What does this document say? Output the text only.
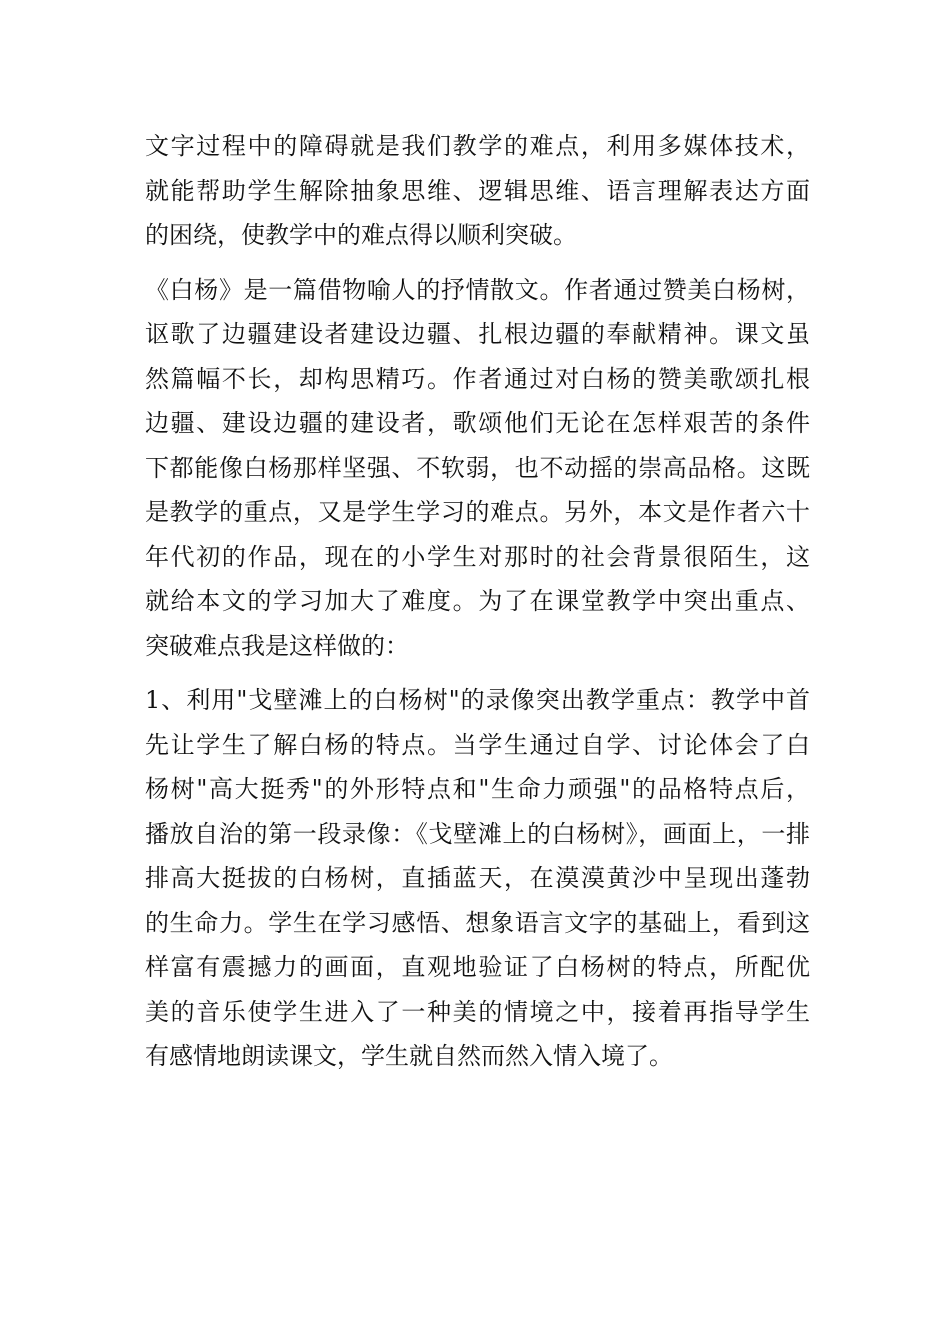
文字过程中的障碍就是我们教学的难点，利用多媒体技术，
就能帮助学生解除抽象思维、逻辑思维、语言理解表达方面
的困绕，使教学中的难点得以顺利突破。
《白杨》是一篇借物喻人的抒情散文。作者通过赞美白杨树，
讴歌了边疆建设者建设边疆、扎根边疆的奉献精神。课文虽
然篇幅不长，却构思精巧。作者通过对白杨的赞美歌颂扎根
边疆、建设边疆的建设者，歌颂他们无论在怎样艰苦的条件
下都能像白杨那样坚强、不软弱，也不动摇的崇高品格。这既
是教学的重点，又是学生学习的难点。另外，本文是作者六十
年代初的作品，现在的小学生对那时的社会背景很陌生，这
就给本文的学习加大了难度。为了在课堂教学中突出重点、
突破难点我是这样做的：
1、利用"戈壁滩上的白杨树"的录像突出教学重点：教学中首
先让学生了解白杨的特点。当学生通过自学、讨论体会了白
杨树"高大挺秀"的外形特点和"生命力顽强"的品格特点后，
播放自治的第一段录像：《戈壁滩上的白杨树》，画面上，一排
排高大挺拔的白杨树，直插蓝天，在漠漠黄沙中呈现出蓬勃
的生命力。学生在学习感悟、想象语言文字的基础上，看到这
样富有震撼力的画面，直观地验证了白杨树的特点，所配优
美的音乐使学生进入了一种美的情境之中，接着再指导学生
有感情地朗读课文，学生就自然而然入情入境了。
